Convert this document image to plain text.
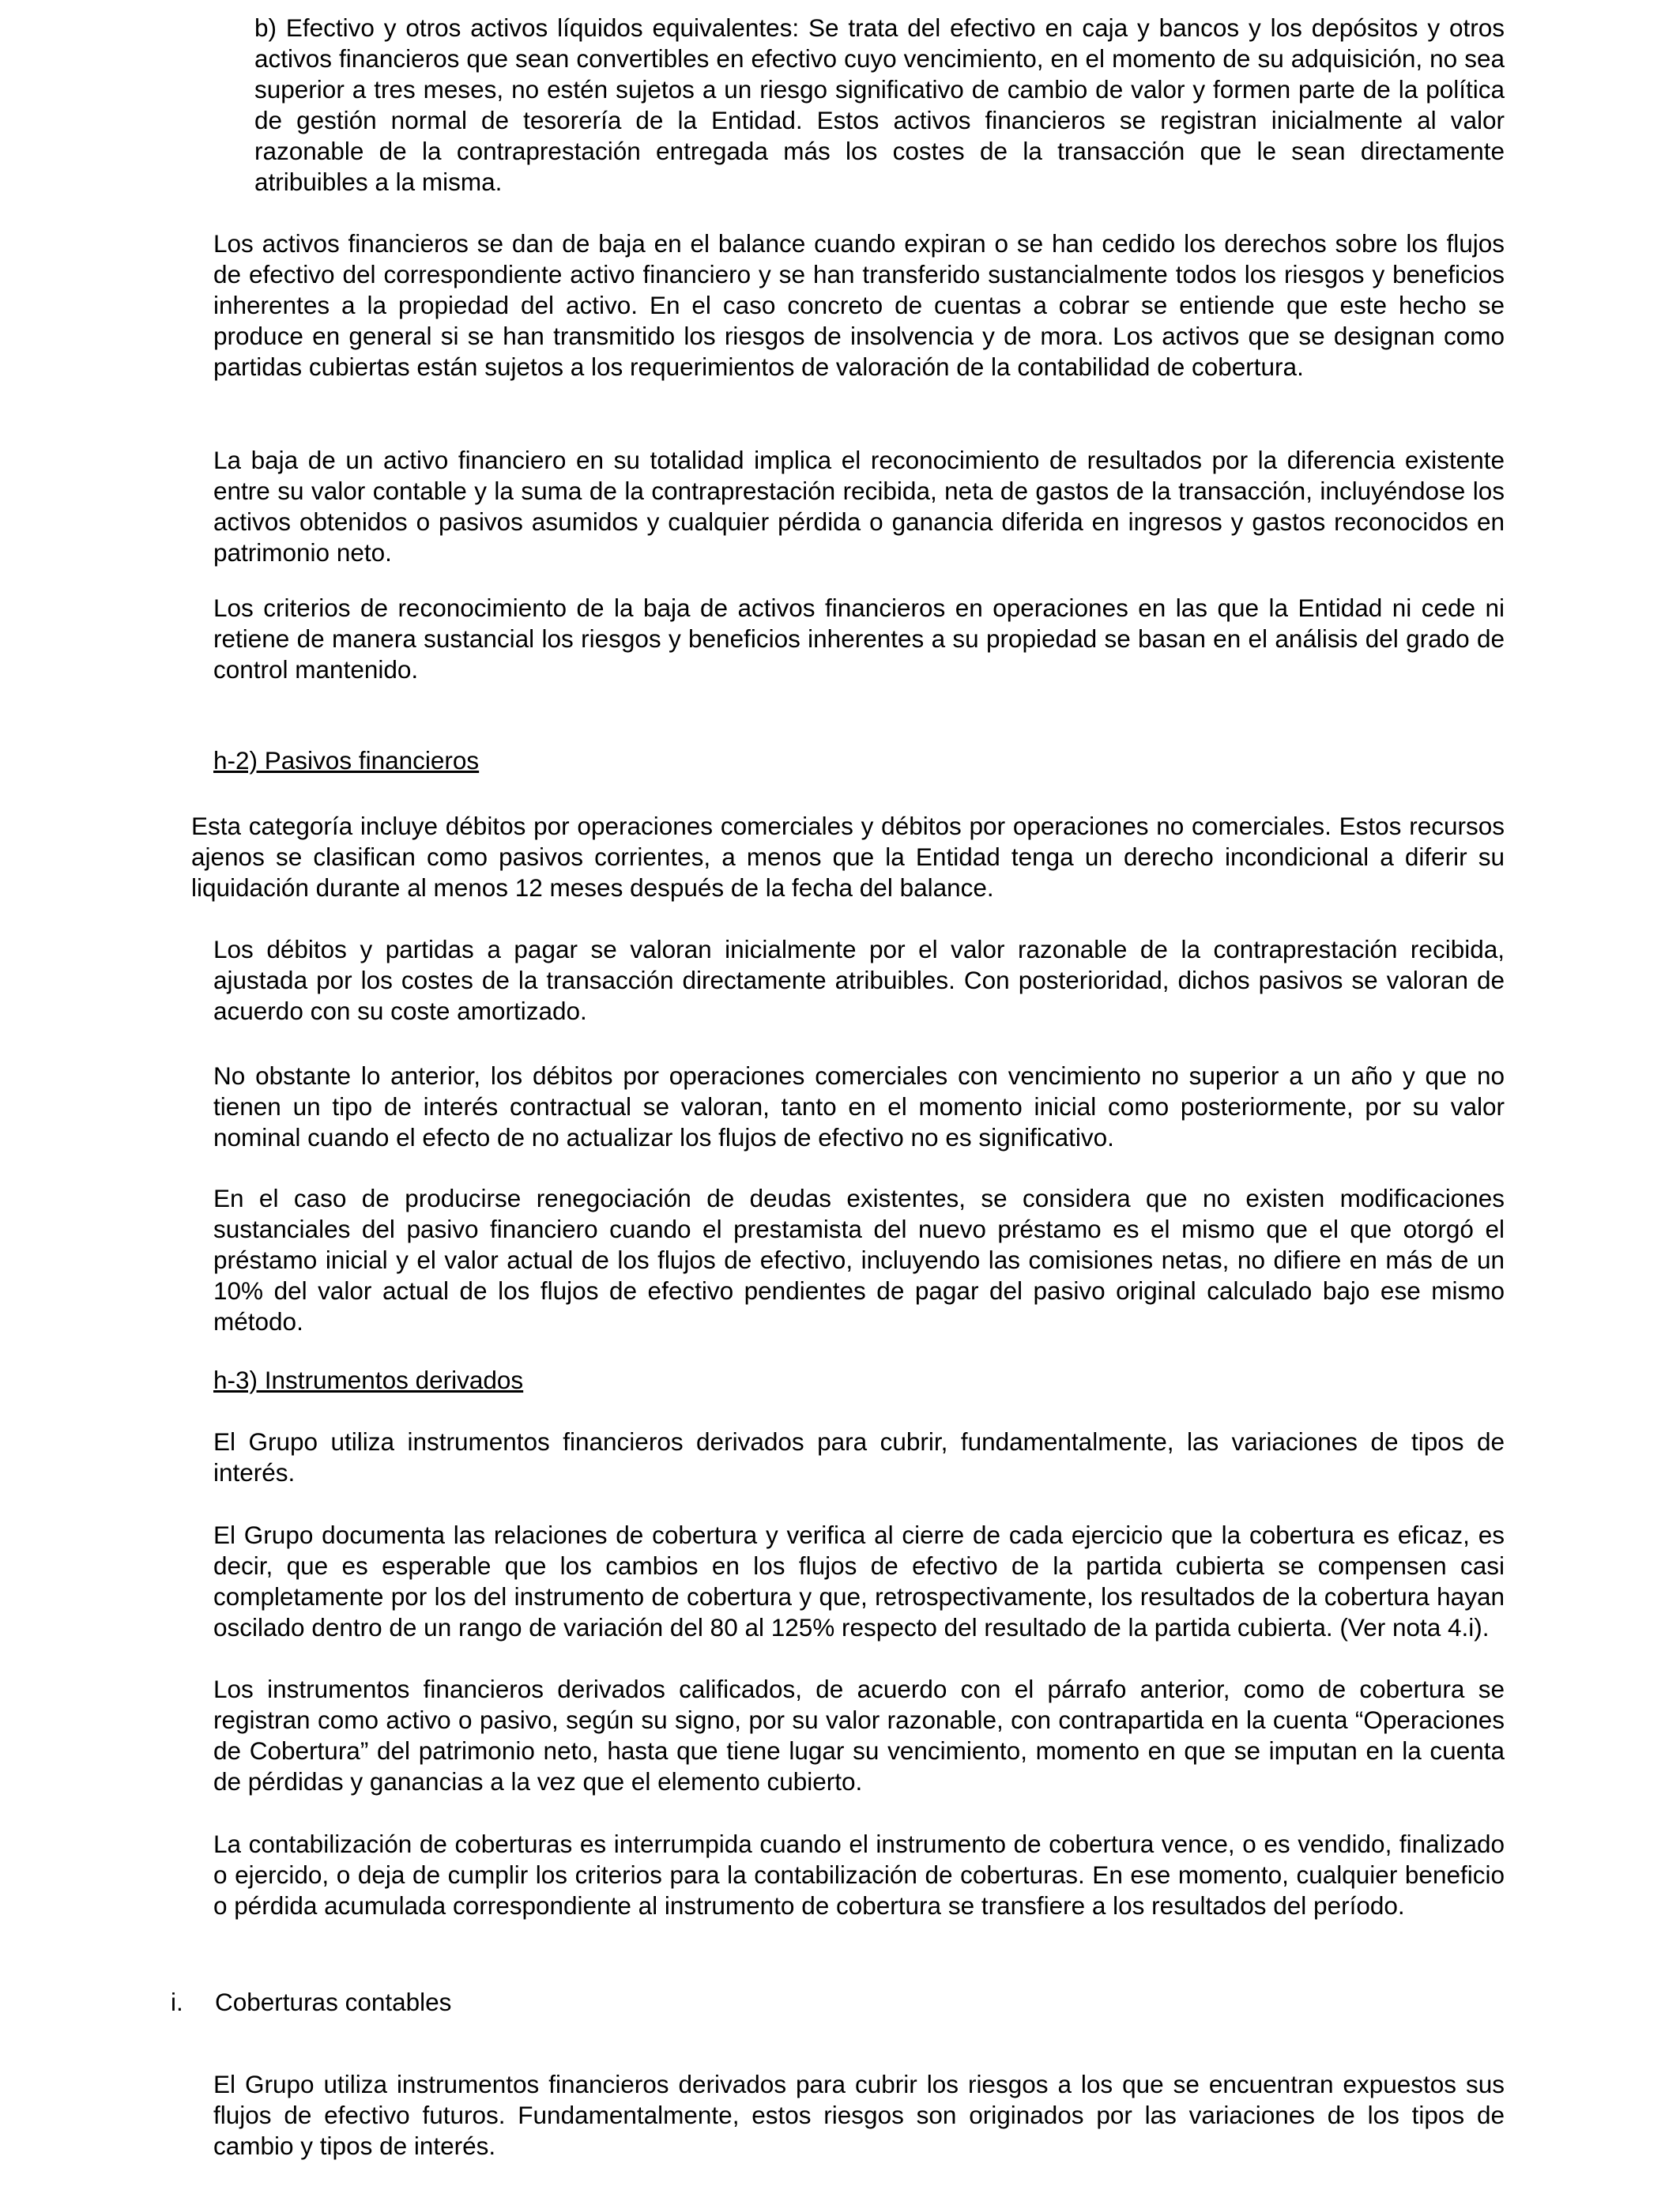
b) Efectivo y otros activos líquidos equivalentes: Se trata del efectivo en caja y bancos y los depósitos y otros activos financieros que sean convertibles en efectivo cuyo vencimiento, en el momento de su adquisición, no sea superior a tres meses, no estén sujetos a un riesgo significativo de cambio de valor y formen parte de la política de gestión normal de tesorería de la Entidad. Estos activos financieros se registran inicialmente al valor razonable de la contraprestación entregada más los costes de la transacción que le sean directamente atribuibles a la misma.

Los activos financieros se dan de baja en el balance cuando expiran o se han cedido los derechos sobre los flujos de efectivo del correspondiente activo financiero y se han transferido sustancialmente todos los riesgos y beneficios inherentes a la propiedad del activo. En el caso concreto de cuentas a cobrar se entiende que este hecho se produce en general si se han transmitido los riesgos de insolvencia y de mora. Los activos que se designan como partidas cubiertas están sujetos a los requerimientos de valoración de la contabilidad de cobertura.

La baja de un activo financiero en su totalidad implica el reconocimiento de resultados por la diferencia existente entre su valor contable y la suma de la contraprestación recibida, neta de gastos de la transacción, incluyéndose los activos obtenidos o pasivos asumidos y cualquier pérdida o ganancia diferida en ingresos y gastos reconocidos en patrimonio neto.

Los criterios de reconocimiento de la baja de activos financieros en operaciones en las que la Entidad ni cede ni retiene de manera sustancial los riesgos y beneficios inherentes a su propiedad se basan en el análisis del grado de control mantenido.

h-2) Pasivos financieros

Esta categoría incluye débitos por operaciones comerciales y débitos por operaciones no comerciales. Estos recursos ajenos se clasifican como pasivos corrientes, a menos que la Entidad tenga un derecho incondicional a diferir su liquidación durante al menos 12 meses después de la fecha del balance.

Los débitos y partidas a pagar se valoran inicialmente por el valor razonable de la contraprestación recibida, ajustada por los costes de la transacción directamente atribuibles. Con posterioridad, dichos pasivos se valoran de acuerdo con su coste amortizado.

No obstante lo anterior, los débitos por operaciones comerciales con vencimiento no superior a un año y que no tienen un tipo de interés contractual se valoran, tanto en el momento inicial como posteriormente, por su valor nominal cuando el efecto de no actualizar los flujos de efectivo no es significativo.

En el caso de producirse renegociación de deudas existentes, se considera que no existen modificaciones sustanciales del pasivo financiero cuando el prestamista del nuevo préstamo es el mismo que el que otorgó el préstamo inicial y el valor actual de los flujos de efectivo, incluyendo las comisiones netas, no difiere en más de un 10% del valor actual de los flujos de efectivo pendientes de pagar del pasivo original calculado bajo ese mismo método.

h-3) Instrumentos derivados

El Grupo utiliza instrumentos financieros derivados para cubrir, fundamentalmente, las variaciones de tipos de interés.

El Grupo documenta las relaciones de cobertura y verifica al cierre de cada ejercicio que la cobertura es eficaz, es decir, que es esperable que los cambios en los flujos de efectivo de la partida cubierta se compensen casi completamente por los del instrumento de cobertura y que, retrospectivamente, los resultados de la cobertura hayan oscilado dentro de un rango de variación del 80 al 125% respecto del resultado de la partida cubierta. (Ver nota 4.i).

Los instrumentos financieros derivados calificados, de acuerdo con el párrafo anterior, como de cobertura se registran como activo o pasivo, según su signo, por su valor razonable, con contrapartida en la cuenta “Operaciones de Cobertura” del patrimonio neto, hasta que tiene lugar su vencimiento, momento en que se imputan en la cuenta de pérdidas y ganancias a la vez que el elemento cubierto.

La contabilización de coberturas es interrumpida cuando el instrumento de cobertura vence, o es vendido, finalizado o ejercido, o deja de cumplir los criterios para la contabilización de coberturas. En ese momento, cualquier beneficio o pérdida acumulada correspondiente al instrumento de cobertura se transfiere a los resultados del período.

i. Coberturas contables

El Grupo utiliza instrumentos financieros derivados para cubrir los riesgos a los que se encuentran expuestos sus flujos de efectivo futuros. Fundamentalmente, estos riesgos son originados por las variaciones de los tipos de cambio y tipos de interés.
